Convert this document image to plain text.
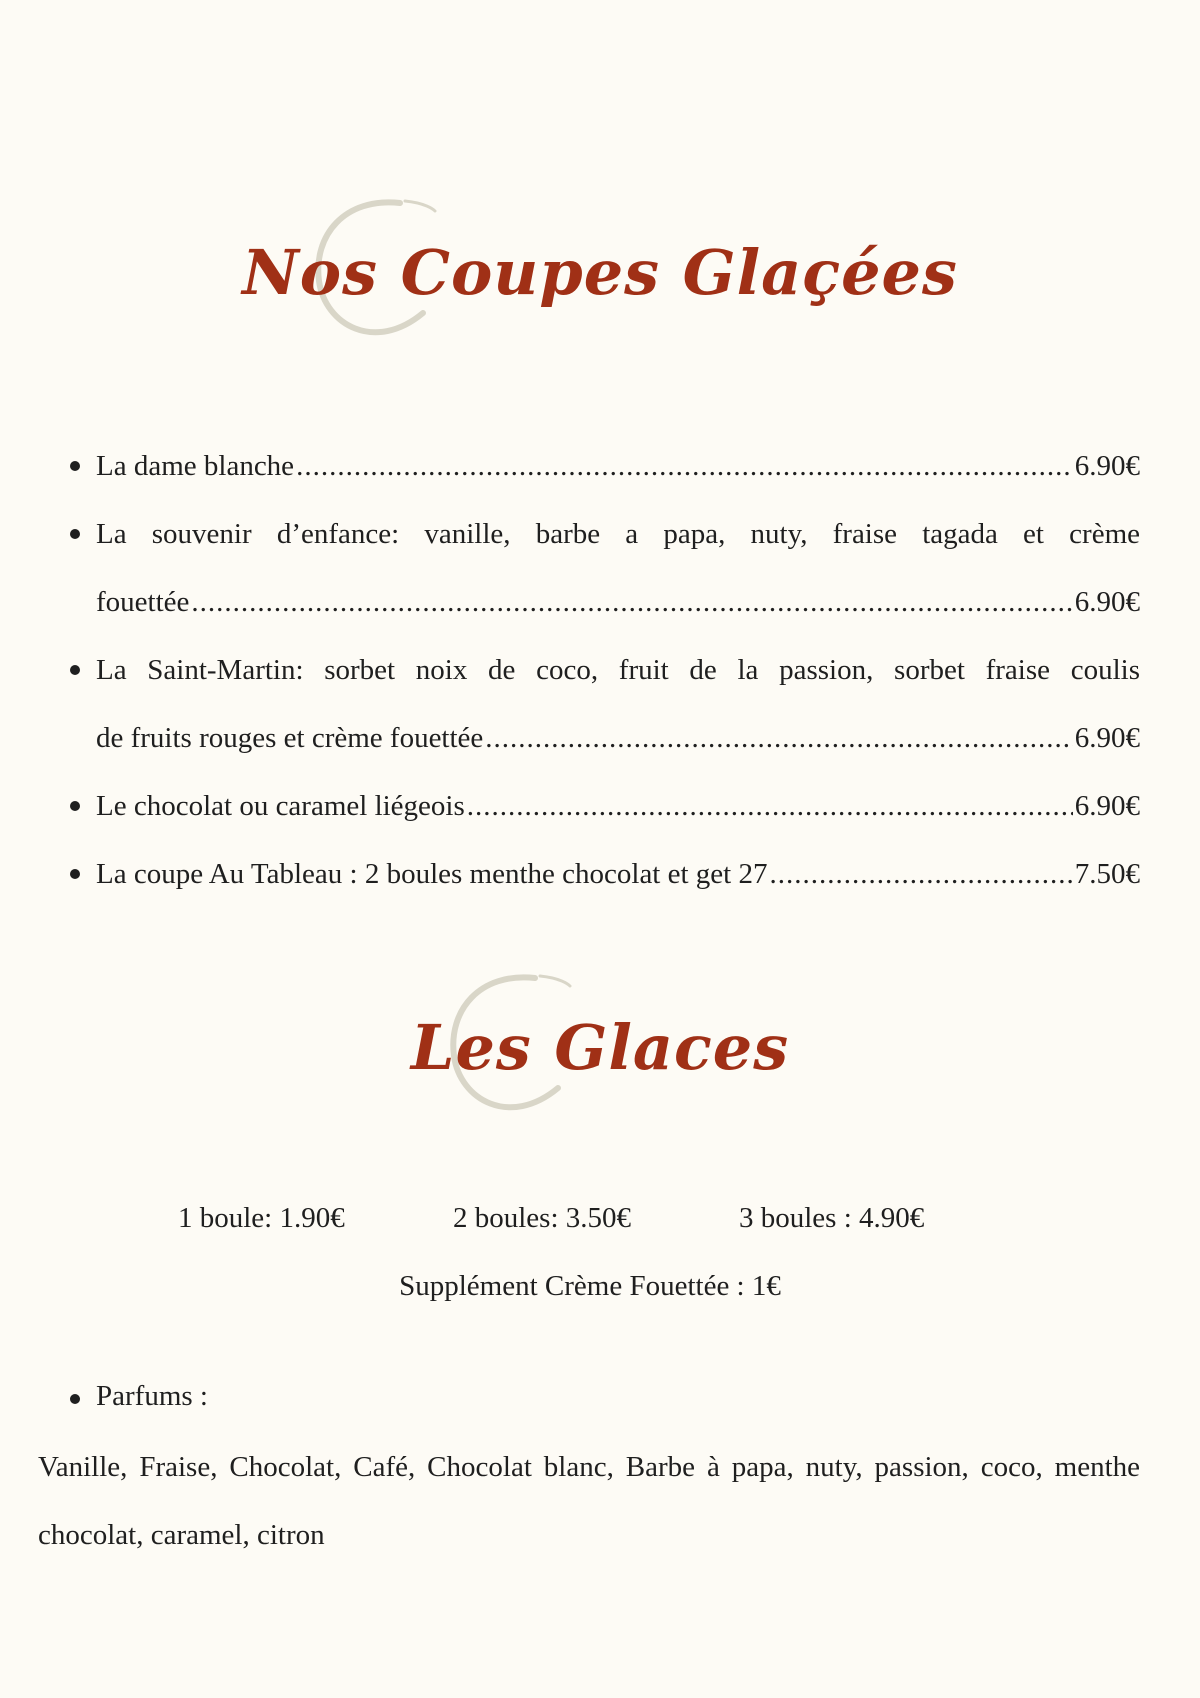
Nos Coupes Glaçées
La dame blanche .....	6.90€
La souvenir d’enfance: vanille, barbe a papa, nuty, fraise tagada et crème
fouettée .....	6.90€
La Saint-Martin: sorbet noix de coco, fruit de la passion, sorbet fraise coulis
de fruits rouges et crème fouettée .....	6.90€
Le chocolat ou caramel liégeois .....	6.90€
La coupe Au Tableau : 2 boules menthe chocolat et get 27 .....	7.50€
Les Glaces
1 boule: 1.90€	2 boules: 3.50€	3 boules : 4.90€
Supplément Crème Fouettée : 1€
Parfums :
Vanille, Fraise, Chocolat, Café, Chocolat blanc, Barbe à papa, nuty, passion, coco, menthe chocolat, caramel, citron
